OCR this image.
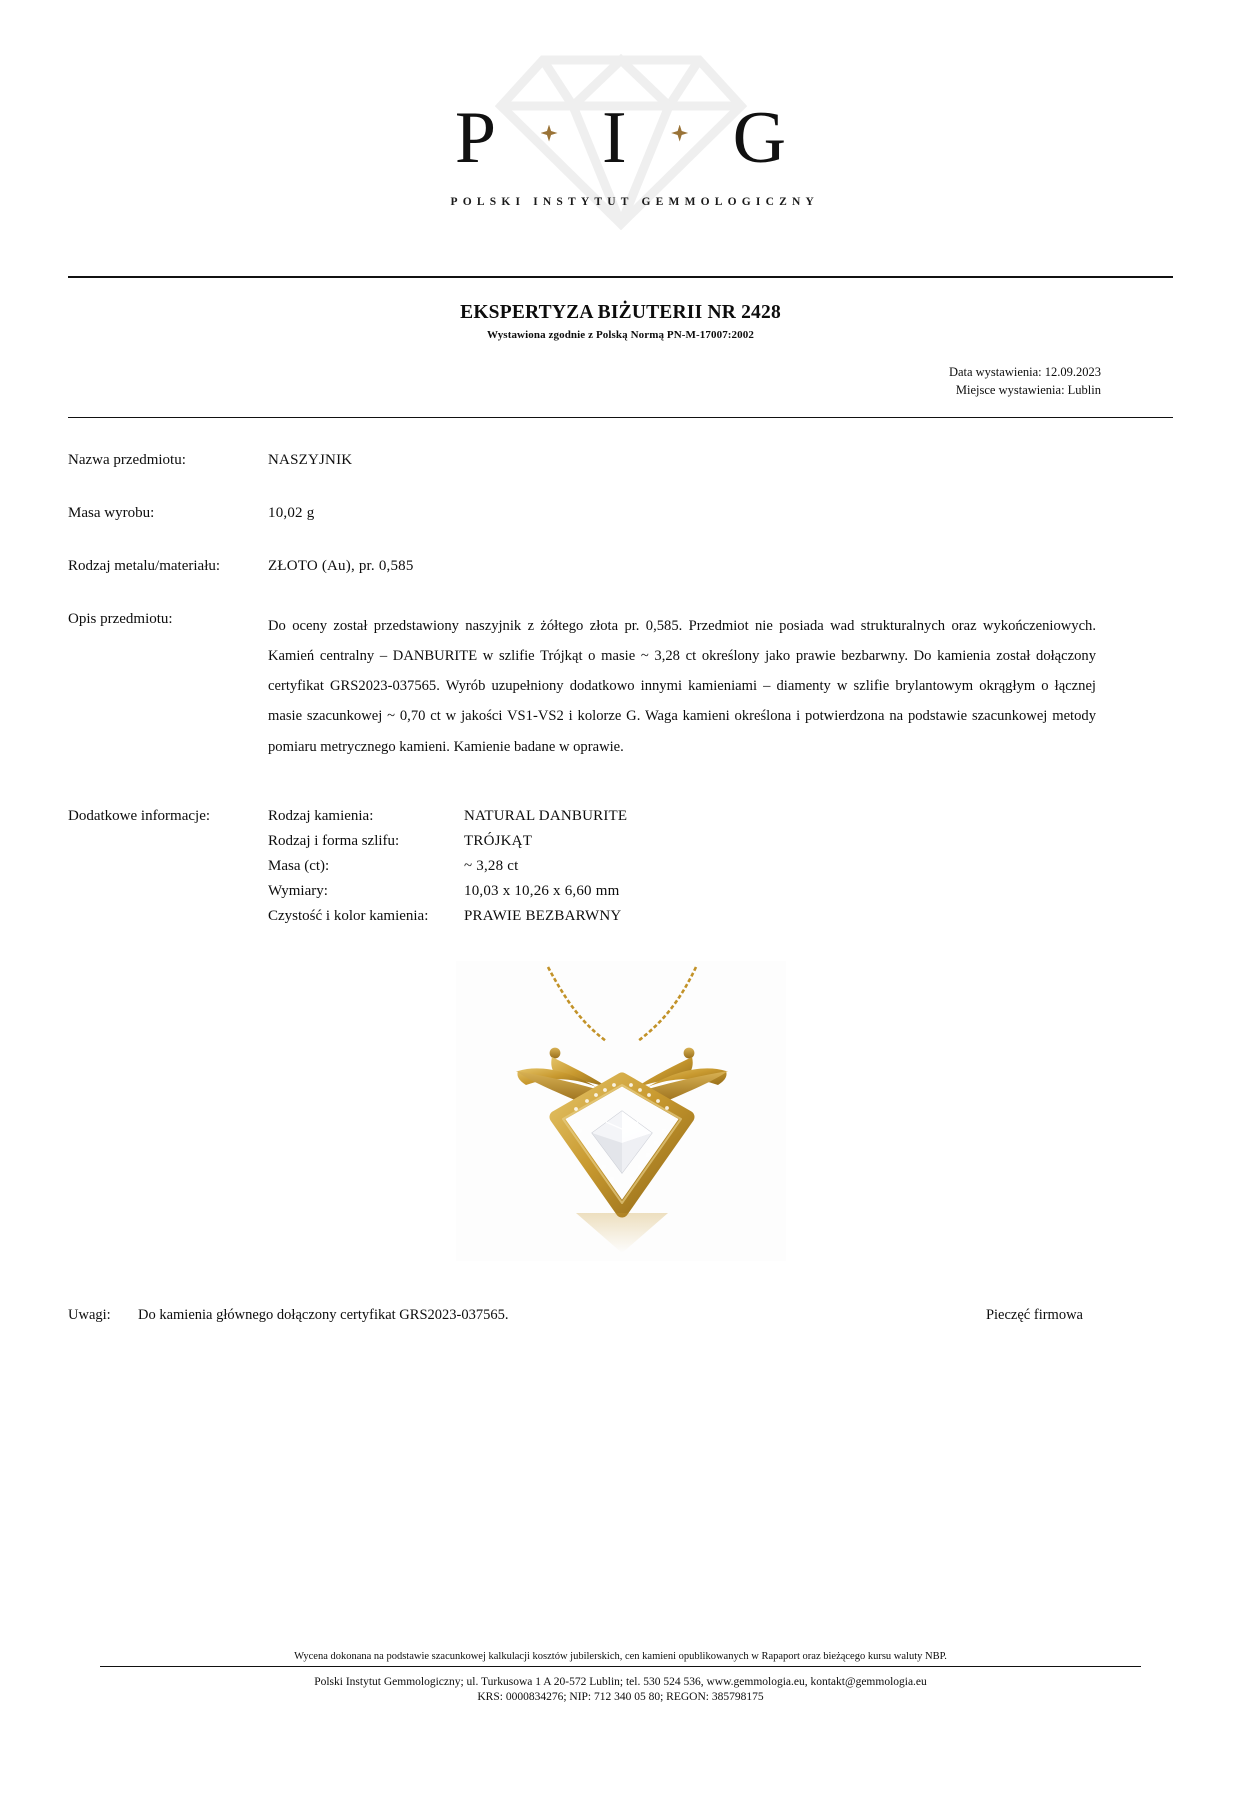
P I G
POLSKI INSTYTUT GEMMOLOGICZNY
EKSPERTYZA BIŻUTERII NR 2428
Wystawiona zgodnie z Polską Normą PN-M-17007:2002
Data wystawienia: 12.09.2023
Miejsce wystawienia: Lublin
Nazwa przedmiotu:	NASZYJNIK
Masa wyrobu:	10,02 g
Rodzaj metalu/materiału:	ZŁOTO (Au), pr. 0,585
Opis przedmiotu:	Do oceny został przedstawiony naszyjnik z żółtego złota pr. 0,585. Przedmiot nie posiada wad strukturalnych oraz wykończeniowych. Kamień centralny – DANBURITE w szlifie Trójkąt o masie ~ 3,28 ct określony jako prawie bezbarwny. Do kamienia został dołączony certyfikat GRS2023-037565. Wyrób uzupełniony dodatkowo innymi kamieniami – diamenty w szlifie brylantowym okrągłym o łącznej masie szacunkowej ~ 0,70 ct w jakości VS1-VS2 i kolorze G. Waga kamieni określona i potwierdzona na podstawie szacunkowej metody pomiaru metrycznego kamieni. Kamienie badane w oprawie.
Dodatkowe informacje:	Rodzaj kamienia:	NATURAL DANBURITE
Rodzaj i forma szlifu:	TRÓJKĄT
Masa (ct):	~ 3,28 ct
Wymiary:	10,03 x 10,26 x 6,60 mm
Czystość i kolor kamienia:	PRAWIE BEZBARWNY
Uwagi:	Do kamienia głównego dołączony certyfikat GRS2023-037565.	Pieczęć firmowa
Wycena dokonana na podstawie szacunkowej kalkulacji kosztów jubilerskich, cen kamieni opublikowanych w Rapaport oraz bieżącego kursu waluty NBP.
Polski Instytut Gemmologiczny; ul. Turkusowa 1 A 20-572 Lublin; tel. 530 524 536, www.gemmologia.eu, kontakt@gemmologia.eu
KRS: 0000834276; NIP: 712 340 05 80; REGON: 385798175
